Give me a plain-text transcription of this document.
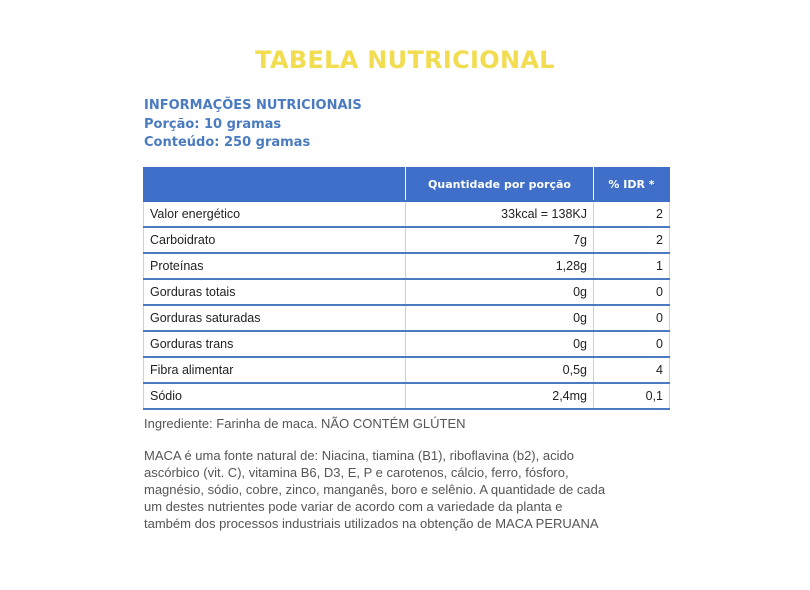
TABELA NUTRICIONAL
INFORMAÇÕES NUTRICIONAIS
Porção: 10 gramas
Conteúdo: 250 gramas
	Quantidade por porção	% IDR *
Valor energético	33kcal = 138KJ	2
Carboidrato	7g	2
Proteínas	1,28g	1
Gorduras totais	0g	0
Gorduras saturadas	0g	0
Gorduras trans	0g	0
Fibra alimentar	0,5g	4
Sódio	2,4mg	0,1
Ingrediente: Farinha de maca. NÃO CONTÉM GLÚTEN
MACA é uma fonte natural de: Niacina, tiamina (B1), riboflavina (b2), acido
ascórbico (vit. C), vitamina B6, D3, E, P e carotenos, cálcio, ferro, fósforo,
magnésio, sódio, cobre, zinco, manganês, boro e selênio. A quantidade de cada
um destes nutrientes pode variar de acordo com a variedade da planta e
também dos processos industriais utilizados na obtenção de MACA PERUANA
